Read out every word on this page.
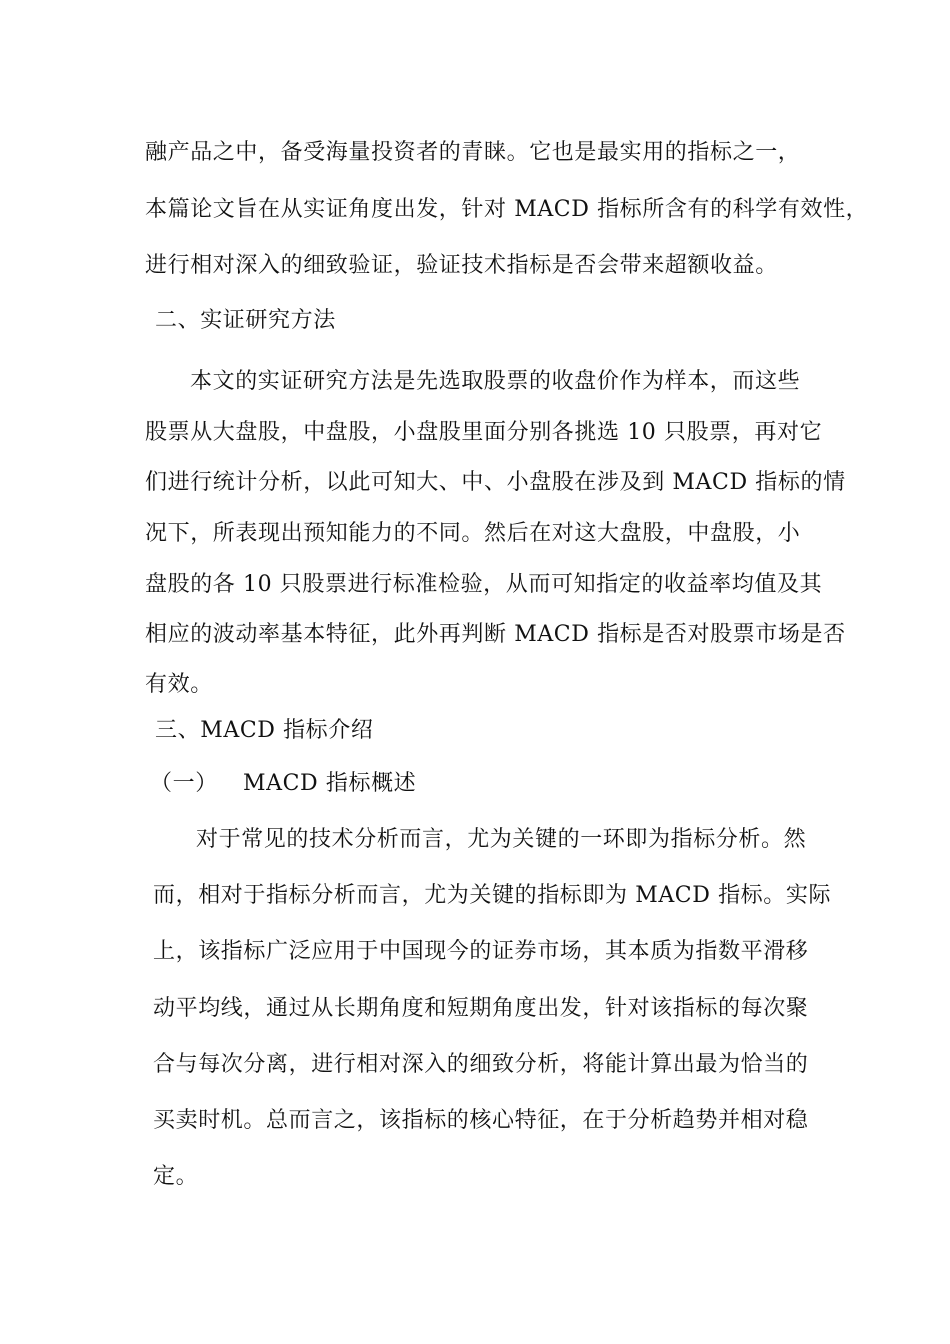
融产品之中，备受海量投资者的青睐。它也是最实用的指标之一，
本篇论文旨在从实证角度出发，针对 MACD 指标所含有的科学有效性，
进行相对深入的细致验证，验证技术指标是否会带来超额收益。
二、实证研究方法
本文的实证研究方法是先选取股票的收盘价作为样本，而这些
股票从大盘股，中盘股，小盘股里面分别各挑选 10 只股票，再对它
们进行统计分析，以此可知大、中、小盘股在涉及到 MACD 指标的情
况下，所表现出预知能力的不同。然后在对这大盘股，中盘股，小
盘股的各 10 只股票进行标准检验，从而可知指定的收益率均值及其
相应的波动率基本特征，此外再判断 MACD 指标是否对股票市场是否
有效。
三、MACD 指标介绍
（一） MACD 指标概述
对于常见的技术分析而言，尤为关键的一环即为指标分析。然
而，相对于指标分析而言，尤为关键的指标即为 MACD 指标。实际
上，该指标广泛应用于中国现今的证券市场，其本质为指数平滑移
动平均线，通过从长期角度和短期角度出发，针对该指标的每次聚
合与每次分离，进行相对深入的细致分析，将能计算出最为恰当的
买卖时机。总而言之，该指标的核心特征，在于分析趋势并相对稳
定。
